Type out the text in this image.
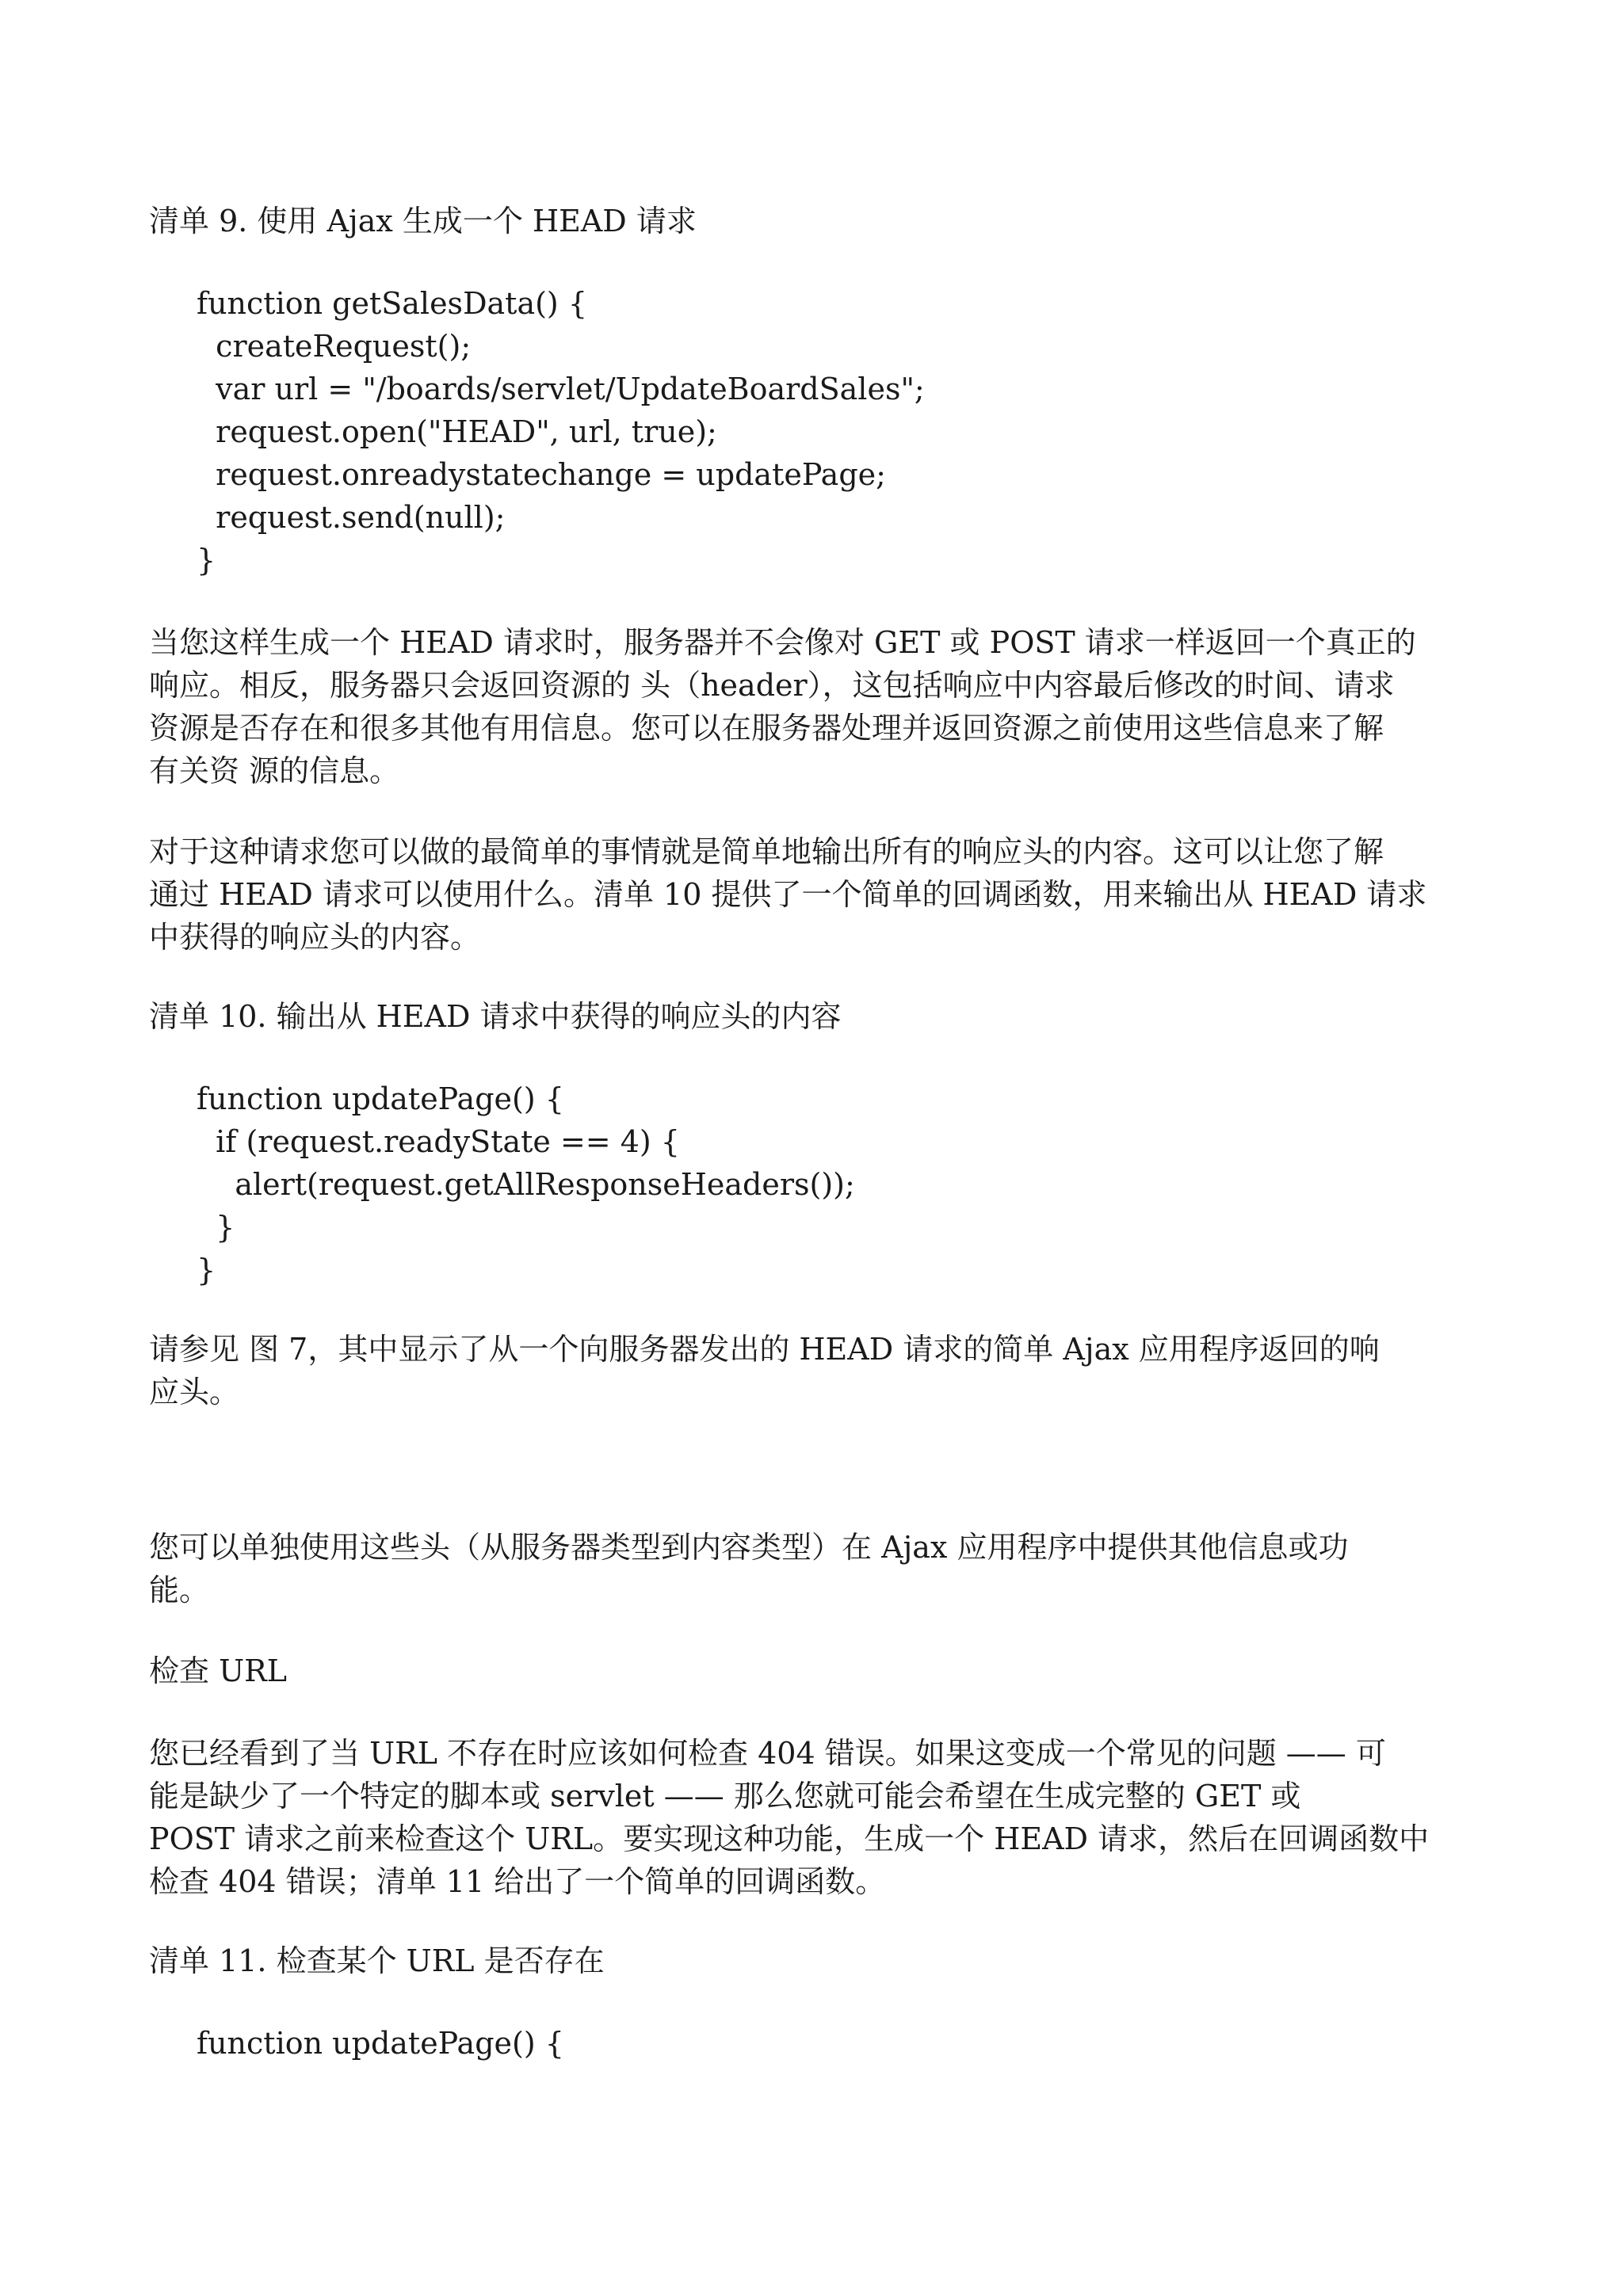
清单 9. 使用 Ajax 生成一个 HEAD 请求
function getSalesData() {
createRequest();
var url = "/boards/servlet/UpdateBoardSales";
request.open("HEAD", url, true);
request.onreadystatechange = updatePage;
request.send(null);
}

当您这样生成一个 HEAD 请求时，服务器并不会像对 GET 或 POST 请求一样返回一个真正的
响应。相反，服务器只会返回资源的 头（header），这包括响应中内容最后修改的时间、请求
资源是否存在和很多其他有用信息。您可以在服务器处理并返回资源之前使用这些信息来了解
有关资 源的信息。

对于这种请求您可以做的最简单的事情就是简单地输出所有的响应头的内容。这可以让您了解
通过 HEAD 请求可以使用什么。清单 10 提供了一个简单的回调函数，用来输出从 HEAD 请求
中获得的响应头的内容。

清单 10. 输出从 HEAD 请求中获得的响应头的内容
function updatePage() {
if (request.readyState == 4) {
alert(request.getAllResponseHeaders());
}
}

请参见 图 7，其中显示了从一个向服务器发出的 HEAD 请求的简单 Ajax 应用程序返回的响
应头。

您可以单独使用这些头（从服务器类型到内容类型）在 Ajax 应用程序中提供其他信息或功
能。

检查 URL

您已经看到了当 URL 不存在时应该如何检查 404 错误。如果这变成一个常见的问题 —— 可
能是缺少了一个特定的脚本或 servlet —— 那么您就可能会希望在生成完整的 GET 或
POST 请求之前来检查这个 URL。要实现这种功能，生成一个 HEAD 请求，然后在回调函数中
检查 404 错误；清单 11 给出了一个简单的回调函数。

清单 11. 检查某个 URL 是否存在
function updatePage() {
